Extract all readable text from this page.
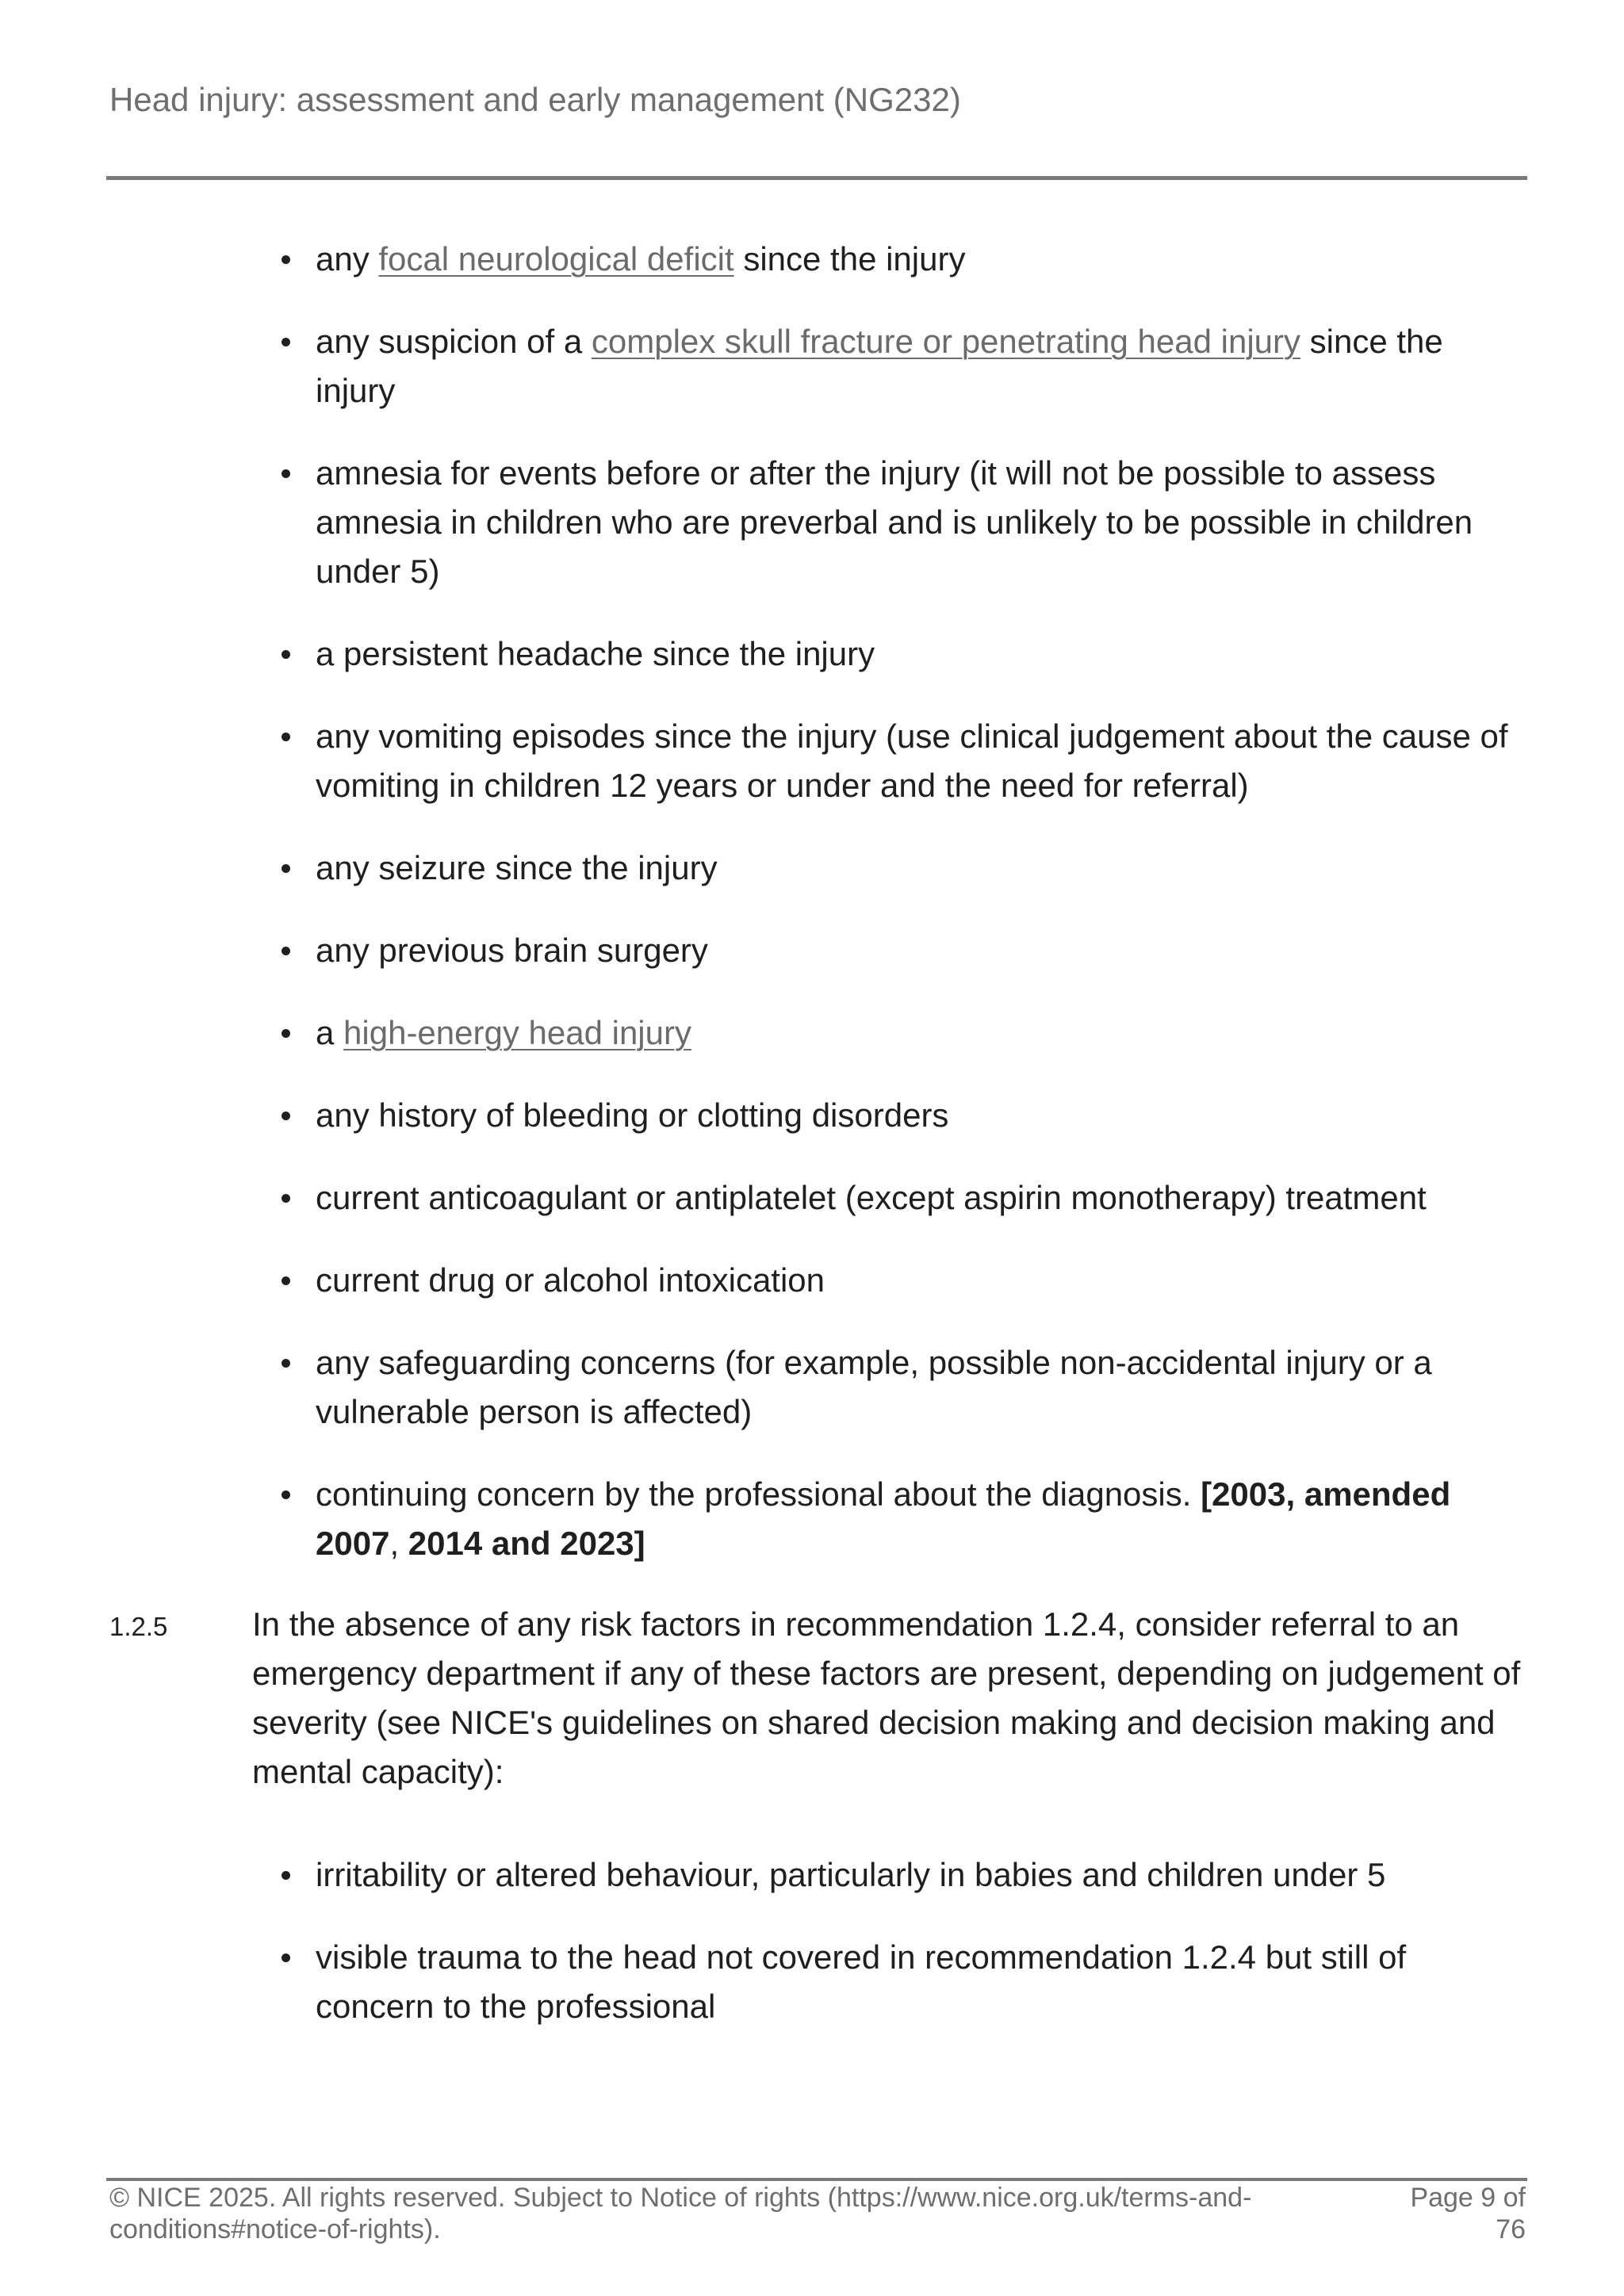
Head injury: assessment and early management (NG232)
any focal neurological deficit since the injury
any suspicion of a complex skull fracture or penetrating head injury since the injury
amnesia for events before or after the injury (it will not be possible to assess amnesia in children who are preverbal and is unlikely to be possible in children under 5)
a persistent headache since the injury
any vomiting episodes since the injury (use clinical judgement about the cause of vomiting in children 12 years or under and the need for referral)
any seizure since the injury
any previous brain surgery
a high-energy head injury
any history of bleeding or clotting disorders
current anticoagulant or antiplatelet (except aspirin monotherapy) treatment
current drug or alcohol intoxication
any safeguarding concerns (for example, possible non-accidental injury or a vulnerable person is affected)
continuing concern by the professional about the diagnosis. [2003, amended 2007, 2014 and 2023]
1.2.5	In the absence of any risk factors in recommendation 1.2.4, consider referral to an emergency department if any of these factors are present, depending on judgement of severity (see NICE's guidelines on shared decision making and decision making and mental capacity):
irritability or altered behaviour, particularly in babies and children under 5
visible trauma to the head not covered in recommendation 1.2.4 but still of concern to the professional
© NICE 2025. All rights reserved. Subject to Notice of rights (https://www.nice.org.uk/terms-and-conditions#notice-of-rights).
Page 9 of 76
